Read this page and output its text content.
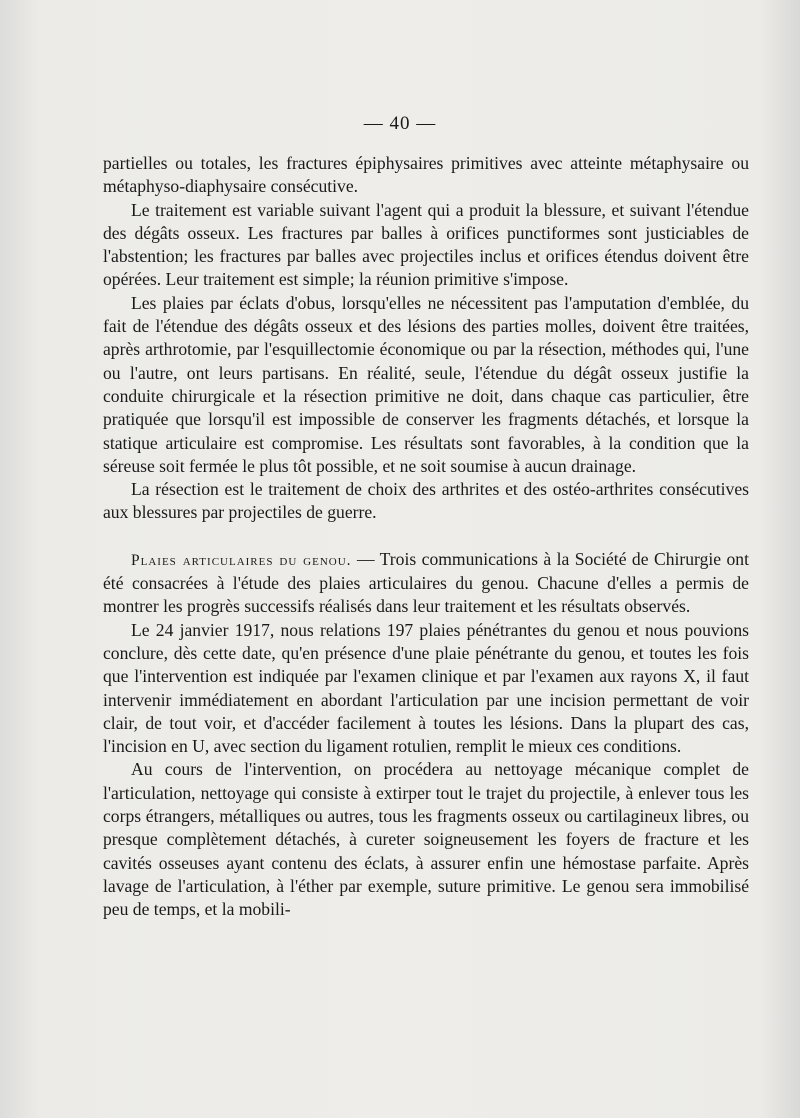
— 40 —

partielles ou totales, les fractures épiphysaires primitives avec atteinte métaphysaire ou métaphyso-diaphysaire consécutive.

Le traitement est variable suivant l'agent qui a produit la blessure, et suivant l'étendue des dégâts osseux. Les fractures par balles à orifices punctiformes sont justiciables de l'abstention; les fractures par balles avec projectiles inclus et orifices étendus doivent être opérées. Leur traitement est simple; la réunion primitive s'impose.

Les plaies par éclats d'obus, lorsqu'elles ne nécessitent pas l'amputation d'emblée, du fait de l'étendue des dégâts osseux et des lésions des parties molles, doivent être traitées, après arthrotomie, par l'esquillectomie économique ou par la résection, méthodes qui, l'une ou l'autre, ont leurs partisans. En réalité, seule, l'étendue du dégât osseux justifie la conduite chirurgicale et la résection primitive ne doit, dans chaque cas particulier, être pratiquée que lorsqu'il est impossible de conserver les fragments détachés, et lorsque la statique articulaire est compromise. Les résultats sont favorables, à la condition que la séreuse soit fermée le plus tôt possible, et ne soit soumise à aucun drainage.

La résection est le traitement de choix des arthrites et des ostéo-arthrites consécutives aux blessures par projectiles de guerre.

Plaies articulaires du genou. — Trois communications à la Société de Chirurgie ont été consacrées à l'étude des plaies articulaires du genou. Chacune d'elles a permis de montrer les progrès successifs réalisés dans leur traitement et les résultats observés.

Le 24 janvier 1917, nous relations 197 plaies pénétrantes du genou et nous pouvions conclure, dès cette date, qu'en présence d'une plaie pénétrante du genou, et toutes les fois que l'intervention est indiquée par l'examen clinique et par l'examen aux rayons X, il faut intervenir immédiatement en abordant l'articulation par une incision permettant de voir clair, de tout voir, et d'accéder facilement à toutes les lésions. Dans la plupart des cas, l'incision en U, avec section du ligament rotulien, remplit le mieux ces conditions.

Au cours de l'intervention, on procédera au nettoyage mécanique complet de l'articulation, nettoyage qui consiste à extirper tout le trajet du projectile, à enlever tous les corps étrangers, métalliques ou autres, tous les fragments osseux ou cartilagineux libres, ou presque complètement détachés, à cureter soigneusement les foyers de fracture et les cavités osseuses ayant contenu des éclats, à assurer enfin une hémostase parfaite. Après lavage de l'articulation, à l'éther par exemple, suture primitive. Le genou sera immobilisé peu de temps, et la mobili-
